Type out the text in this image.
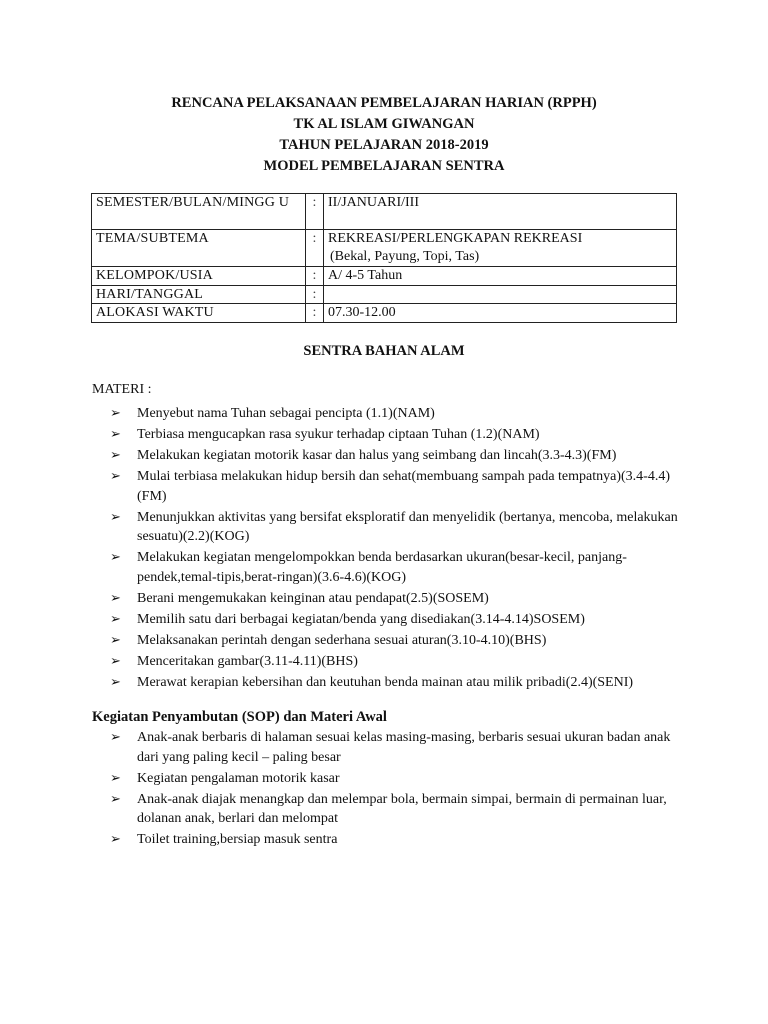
RENCANA PELAKSANAAN PEMBELAJARAN HARIAN (RPPH)
TK AL ISLAM GIWANGAN
TAHUN PELAJARAN 2018-2019
MODEL PEMBELAJARAN SENTRA
SEMESTER/BULAN/MINGG U	:	II/JANUARI/III

TEMA/SUBTEMA	:	REKREASI/PERLENGKAPAN REKREASI
(Bekal, Payung, Topi, Tas)

KELOMPOK/USIA	:	A/ 4-5 Tahun

HARI/TANGGAL	:	

ALOKASI WAKTU	:	07.30-12.00
SENTRA BAHAN ALAM
MATERI :
➢ Menyebut nama Tuhan sebagai pencipta (1.1)(NAM)
➢ Terbiasa mengucapkan rasa syukur terhadap ciptaan Tuhan (1.2)(NAM)
➢ Melakukan kegiatan motorik kasar dan halus yang seimbang dan lincah(3.3-4.3)(FM)
➢ Mulai terbiasa melakukan hidup bersih dan sehat(membuang sampah pada tempatnya)(3.4-4.4)(FM)
➢ Menunjukkan aktivitas yang bersifat eksploratif dan menyelidik (bertanya, mencoba, melakukan sesuatu)(2.2)(KOG)
➢ Melakukan kegiatan mengelompokkan benda berdasarkan ukuran(besar-kecil, panjang-pendek,temal-tipis,berat-ringan)(3.6-4.6)(KOG)
➢ Berani mengemukakan keinginan atau pendapat(2.5)(SOSEM)
➢ Memilih satu dari berbagai kegiatan/benda yang disediakan(3.14-4.14)SOSEM)
➢ Melaksanakan perintah dengan sederhana sesuai aturan(3.10-4.10)(BHS)
➢ Menceritakan gambar(3.11-4.11)(BHS)
➢ Merawat kerapian kebersihan dan keutuhan benda mainan atau milik pribadi(2.4)(SENI)
Kegiatan Penyambutan (SOP) dan Materi Awal
➢ Anak-anak berbaris di halaman sesuai kelas masing-masing, berbaris sesuai ukuran badan anak dari yang paling kecil – paling besar
➢ Kegiatan pengalaman motorik kasar
➢ Anak-anak diajak menangkap dan melempar bola, bermain simpai, bermain di permainan luar, dolanan anak, berlari dan melompat
➢ Toilet training,bersiap masuk sentra
